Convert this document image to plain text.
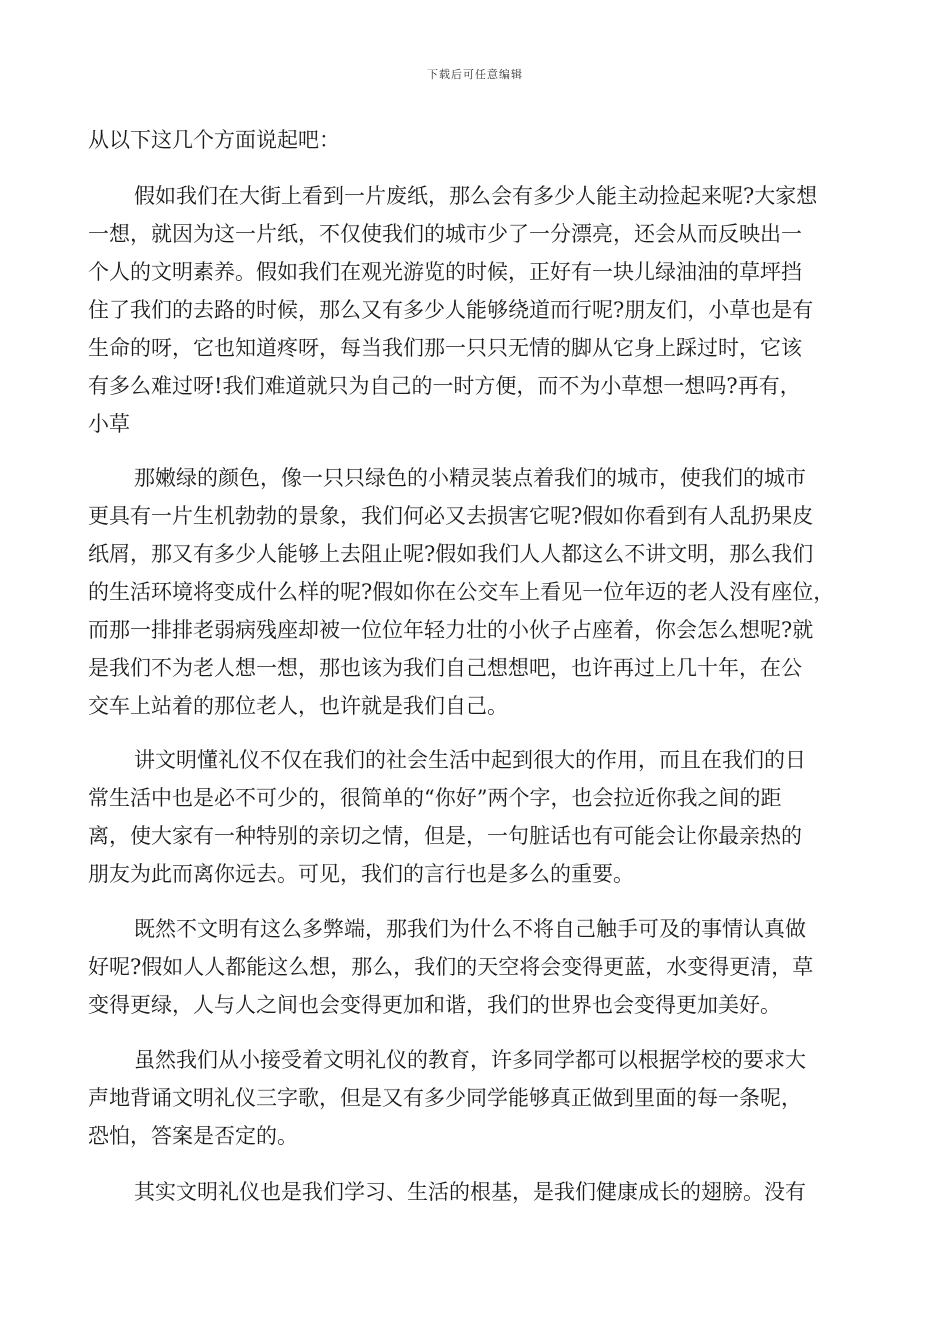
下载后可任意编辑
从以下这几个方面说起吧：
假如我们在大街上看到一片废纸，那么会有多少人能主动捡起来呢?大家想
一想，就因为这一片纸，不仅使我们的城市少了一分漂亮，还会从而反映出一
个人的文明素养。假如我们在观光游览的时候，正好有一块儿绿油油的草坪挡
住了我们的去路的时候，那么又有多少人能够绕道而行呢?朋友们，小草也是有
生命的呀，它也知道疼呀，每当我们那一只只无情的脚从它身上踩过时，它该
有多么难过呀!我们难道就只为自己的一时方便，而不为小草想一想吗?再有，
小草
那嫩绿的颜色，像一只只绿色的小精灵装点着我们的城市，使我们的城市
更具有一片生机勃勃的景象，我们何必又去损害它呢?假如你看到有人乱扔果皮
纸屑，那又有多少人能够上去阻止呢?假如我们人人都这么不讲文明，那么我们
的生活环境将变成什么样的呢?假如你在公交车上看见一位年迈的老人没有座位，
而那一排排老弱病残座却被一位位年轻力壮的小伙子占座着，你会怎么想呢?就
是我们不为老人想一想，那也该为我们自己想想吧，也许再过上几十年，在公
交车上站着的那位老人，也许就是我们自己。
讲文明懂礼仪不仅在我们的社会生活中起到很大的作用，而且在我们的日
常生活中也是必不可少的，很简单的“你好”两个字，也会拉近你我之间的距
离，使大家有一种特别的亲切之情，但是，一句脏话也有可能会让你最亲热的
朋友为此而离你远去。可见，我们的言行也是多么的重要。
既然不文明有这么多弊端，那我们为什么不将自己触手可及的事情认真做
好呢?假如人人都能这么想，那么，我们的天空将会变得更蓝，水变得更清，草
变得更绿，人与人之间也会变得更加和谐，我们的世界也会变得更加美好。
虽然我们从小接受着文明礼仪的教育，许多同学都可以根据学校的要求大
声地背诵文明礼仪三字歌，但是又有多少同学能够真正做到里面的每一条呢，
恐怕，答案是否定的。
其实文明礼仪也是我们学习、生活的根基，是我们健康成长的翅膀。没有
